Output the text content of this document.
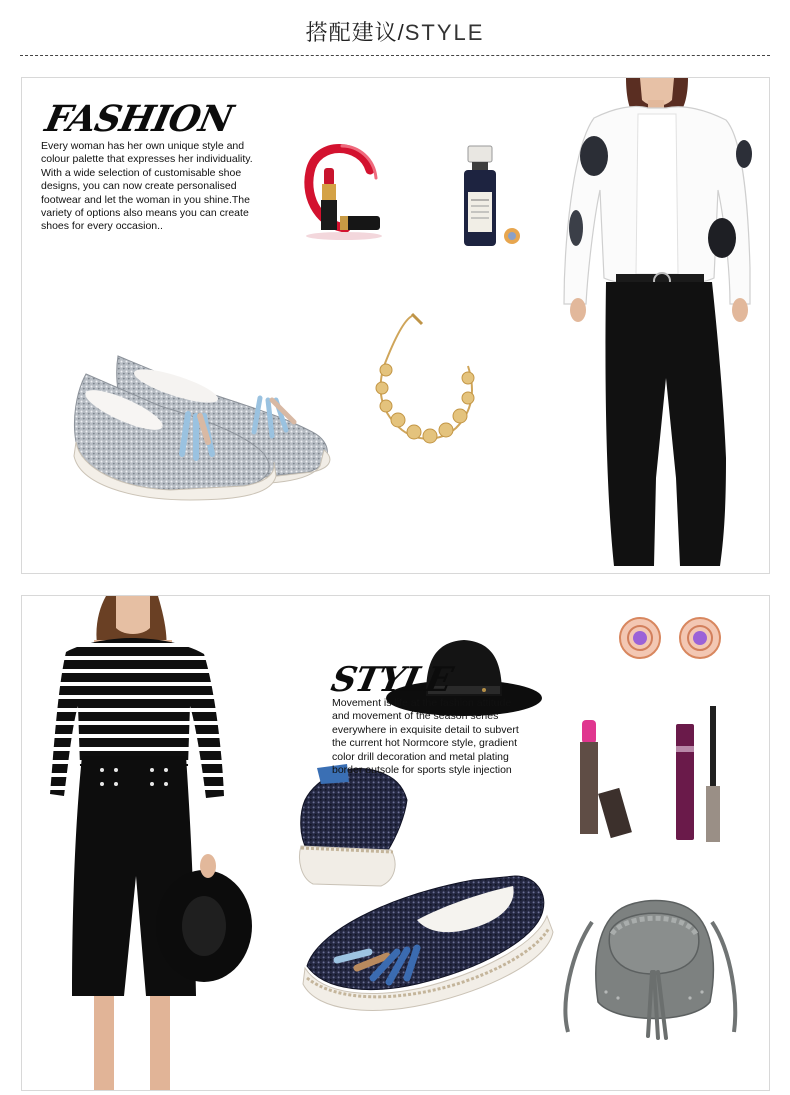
搭配建议/STYLE
FASHION

Every woman has her own unique style and colour palette that expresses her individuality. With a wide selection of customisable shoe designs, you can now create personalised footwear and let the woman in you shine.The variety of options also means you can create shoes for every occasion..

STYLE

Movement is life at the fashion attitude and movement of the season series everywhere in exquisite detail to subvert the current hot Normcore style, gradient color drill decoration and metal plating border outsole for sports style injection
